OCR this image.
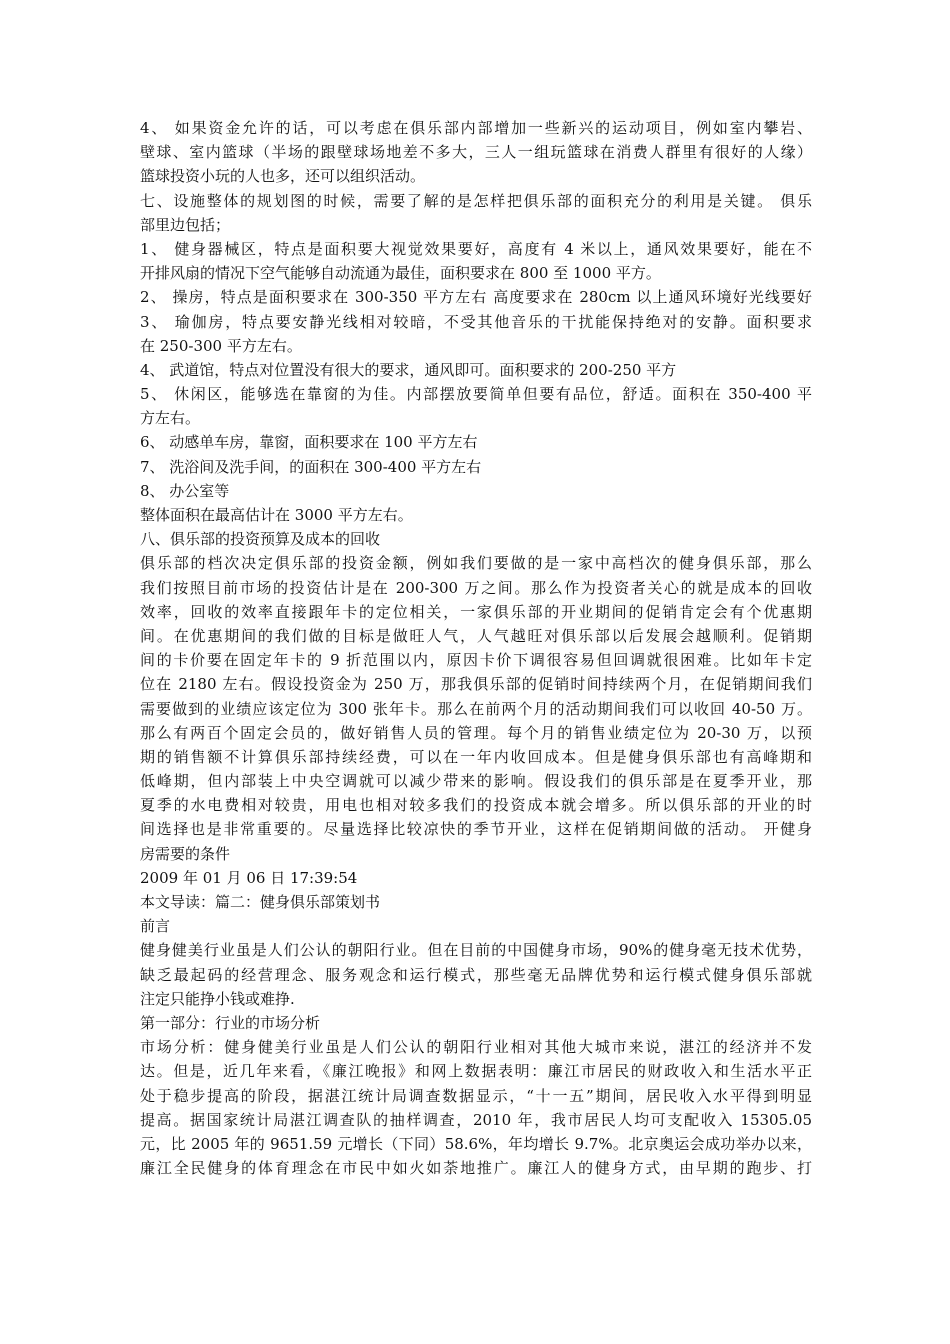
4、 如果资金允许的话，可以考虑在俱乐部内部增加一些新兴的运动项目，例如室内攀岩、
壁球、室内篮球（半场的跟壁球场地差不多大，三人一组玩篮球在消费人群里有很好的人缘）
篮球投资小玩的人也多，还可以组织活动。
七、设施整体的规划图的时候，需要了解的是怎样把俱乐部的面积充分的利用是关键。 俱乐
部里边包括；
1、 健身器械区，特点是面积要大视觉效果要好，高度有 4 米以上，通风效果要好，能在不
开排风扇的情况下空气能够自动流通为最佳，面积要求在 800 至 1000 平方。
2、 操房，特点是面积要求在 300-350 平方左右 高度要求在 280cm 以上通风环境好光线要好
3、 瑜伽房，特点要安静光线相对较暗，不受其他音乐的干扰能保持绝对的安静。面积要求
在 250-300 平方左右。
4、 武道馆，特点对位置没有很大的要求，通风即可。面积要求的 200-250 平方
5、 休闲区，能够选在靠窗的为佳。内部摆放要简单但要有品位，舒适。面积在 350-400 平
方左右。
6、 动感单车房，靠窗，面积要求在 100 平方左右
7、 洗浴间及洗手间，的面积在 300-400 平方左右
8、 办公室等
整体面积在最高估计在 3000 平方左右。
八、俱乐部的投资预算及成本的回收
俱乐部的档次决定俱乐部的投资金额，例如我们要做的是一家中高档次的健身俱乐部，那么
我们按照目前市场的投资估计是在 200-300 万之间。那么作为投资者关心的就是成本的回收
效率，回收的效率直接跟年卡的定位相关，一家俱乐部的开业期间的促销肯定会有个优惠期
间。在优惠期间的我们做的目标是做旺人气，人气越旺对俱乐部以后发展会越顺利。促销期
间的卡价要在固定年卡的 9 折范围以内，原因卡价下调很容易但回调就很困难。比如年卡定
位在 2180 左右。假设投资金为 250 万，那我俱乐部的促销时间持续两个月，在促销期间我们
需要做到的业绩应该定位为 300 张年卡。那么在前两个月的活动期间我们可以收回 40-50 万。
那么有两百个固定会员的，做好销售人员的管理。每个月的销售业绩定位为 20-30 万，以预
期的销售额不计算俱乐部持续经费，可以在一年内收回成本。但是健身俱乐部也有高峰期和
低峰期，但内部装上中央空调就可以减少带来的影响。假设我们的俱乐部是在夏季开业，那
夏季的水电费相对较贵，用电也相对较多我们的投资成本就会增多。所以俱乐部的开业的时
间选择也是非常重要的。尽量选择比较凉快的季节开业，这样在促销期间做的活动。 开健身
房需要的条件
2009 年 01 月 06 日 17:39:54
本文导读：篇二：健身俱乐部策划书
前言
健身健美行业虽是人们公认的朝阳行业。但在目前的中国健身市场，90%的健身毫无技术优势，
缺乏最起码的经营理念、服务观念和运行模式，那些毫无品牌优势和运行模式健身俱乐部就
注定只能挣小钱或难挣.
第一部分：行业的市场分析
市场分析：健身健美行业虽是人们公认的朝阳行业相对其他大城市来说，湛江的经济并不发
达。但是，近几年来看，《廉江晚报》和网上数据表明：廉江市居民的财政收入和生活水平正
处于稳步提高的阶段，据湛江统计局调查数据显示，“十一五”期间，居民收入水平得到明显
提高。据国家统计局湛江调查队的抽样调查，2010 年，我市居民人均可支配收入 15305.05
元，比 2005 年的 9651.59 元增长（下同）58.6%，年均增长 9.7%。北京奥运会成功举办以来，
廉江全民健身的体育理念在市民中如火如荼地推广。廉江人的健身方式，由早期的跑步、打
